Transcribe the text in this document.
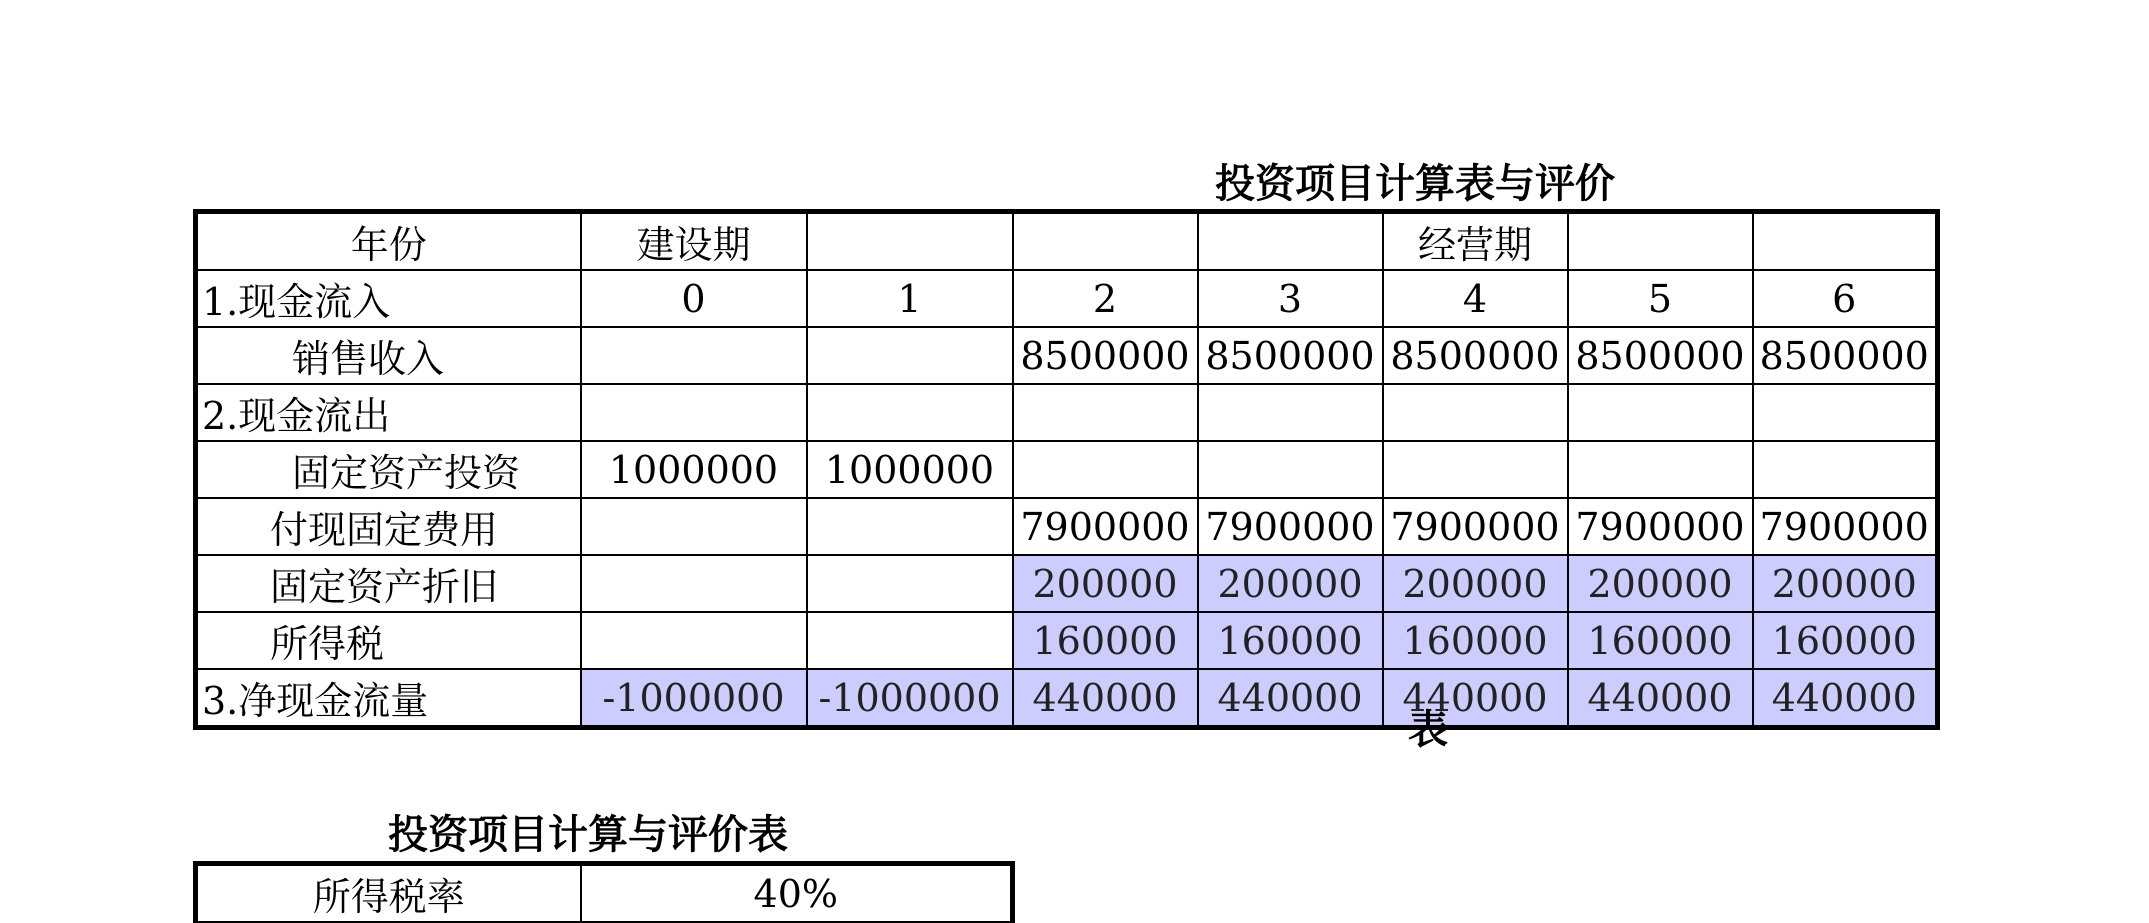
投资项目计算表与评价
年份	建设期				经营期		
1.现金流入	0	1	2	3	4	5	6
销售收入			8500000	8500000	8500000	8500000	8500000
2.现金流出							
固定资产投资	1000000	1000000					
付现固定费用			7900000	7900000	7900000	7900000	7900000
固定资产折旧			200000	200000	200000	200000	200000
所得税			160000	160000	160000	160000	160000
3.净现金流量	-1000000	-1000000	440000	440000	440000	440000	440000
表
投资项目计算与评价表
所得税率	40%
